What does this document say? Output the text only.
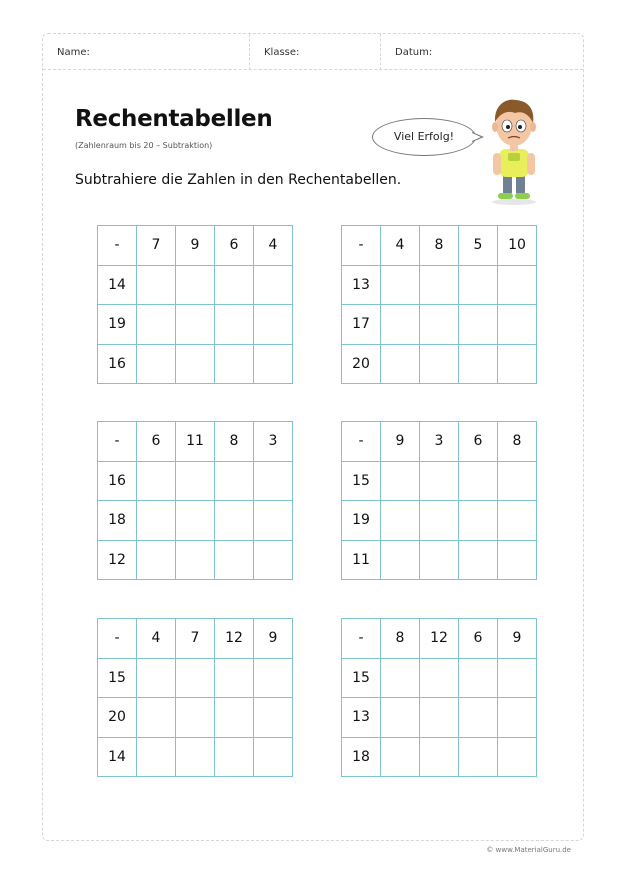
Name:	Klasse:	Datum:
Rechentabellen
(Zahlenraum bis 20 – Subtraktion)
Subtrahiere die Zahlen in den Rechentabellen.
Viel Erfolg!
-	7	9	6	4
14				
19				
16				
-	4	8	5	10
13				
17				
20				
-	6	11	8	3
16				
18				
12				
-	9	3	6	8
15				
19				
11				
-	4	7	12	9
15				
20				
14				
-	8	12	6	9
15				
13				
18				
© www.MaterialGuru.de
